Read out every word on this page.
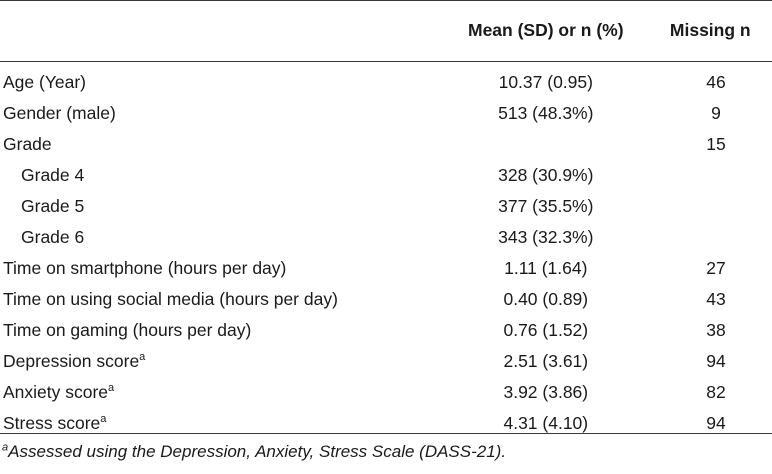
	Mean (SD) or n (%)	Missing n
Age (Year)	10.37 (0.95)	46
Gender (male)	513 (48.3%)	9
Grade		15
Grade 4	328 (30.9%)	
Grade 5	377 (35.5%)	
Grade 6	343 (32.3%)	
Time on smartphone (hours per day)	1.11 (1.64)	27
Time on using social media (hours per day)	0.40 (0.89)	43
Time on gaming (hours per day)	0.76 (1.52)	38
Depression score$^a$	2.51 (3.61)	94
Anxiety score$^a$	3.92 (3.86)	82
Stress score$^a$	4.31 (4.10)	94
$^a$Assessed using the Depression, Anxiety, Stress Scale (DASS-21).
